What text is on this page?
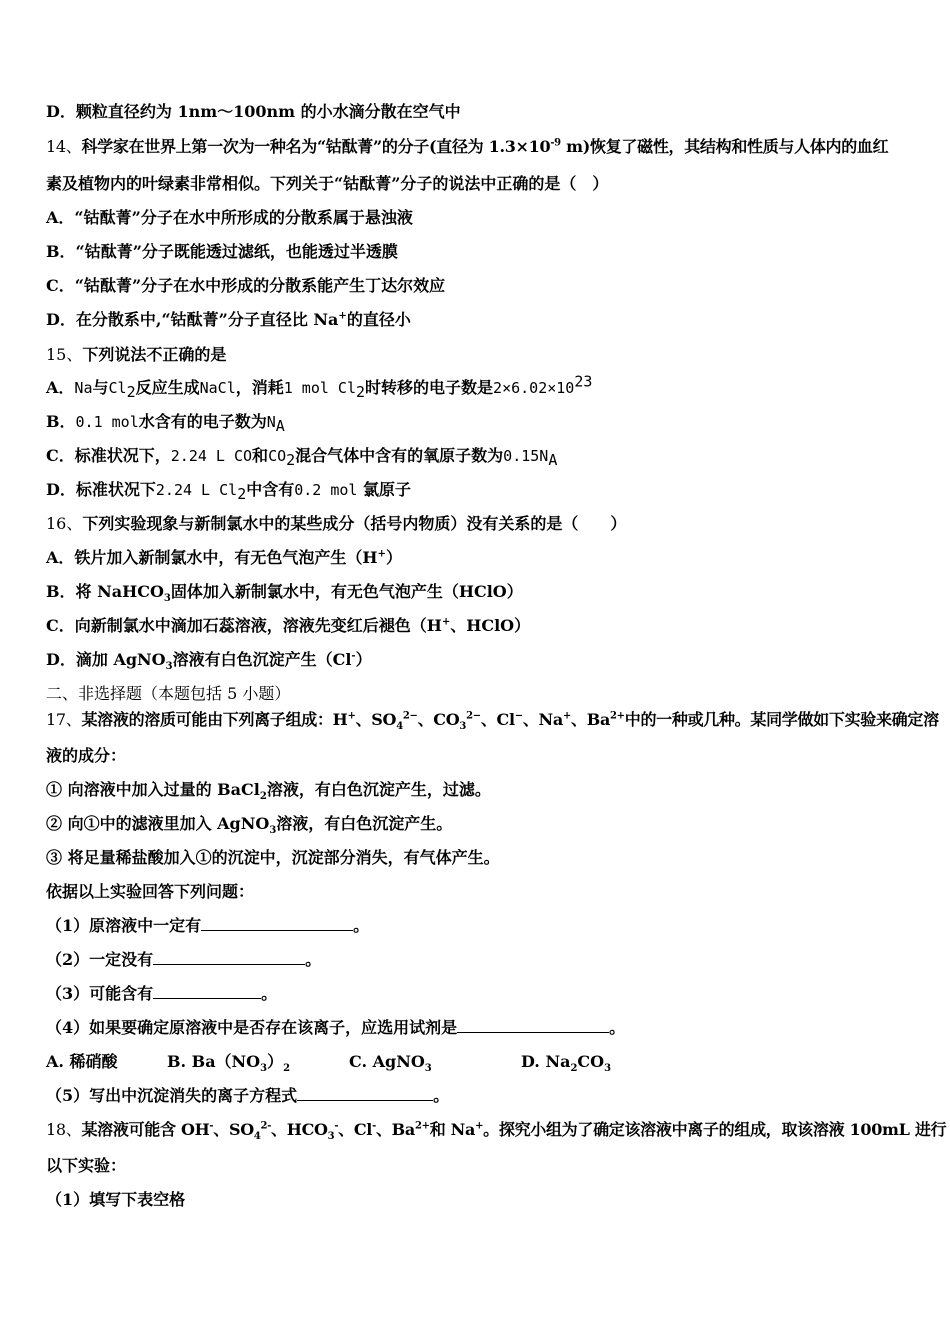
D．颗粒直径约为 1nm～100nm 的小水滴分散在空气中
14、科学家在世界上第一次为一种名为“钴酞菁”的分子(直径为 $1.3\times 10^{-9}$ m)恢复了磁性，其结构和性质与人体内的血红
素及植物内的叶绿素非常相似。下列关于“钴酞菁”分子的说法中正确的是（　）
A．“钴酞菁”分子在水中所形成的分散系属于悬浊液
B．“钴酞菁”分子既能透过滤纸，也能透过半透膜
C．“钴酞菁”分子在水中形成的分散系能产生丁达尔效应
D．在分散系中,“钴酞菁”分子直径比 Na+的直径小
15、下列说法不正确的是
A．Na与$Cl_2$反应生成NaCl，消耗1 mol $Cl_2$时转移的电子数是$2\times 6.02\times 10^{23}$
B．0.1 mol水含有的电子数为$N_A$
C．标准状况下，2.24 L CO和$CO_2$混合气体中含有的氧原子数为$0.15N_A$
D．标准状况下2.24 L $Cl_2$中含有0.2 mol 氯原子
16、下列实验现象与新制氯水中的某些成分（括号内物质）没有关系的是（　　）
A．铁片加入新制氯水中，有无色气泡产生（H+）
B．将 NaHCO$_3$固体加入新制氯水中，有无色气泡产生（HClO）
C．向新制氯水中滴加石蕊溶液，溶液先变红后褪色（H+、HClO）
D．滴加 AgNO$_3$溶液有白色沉淀产生（Cl-）
二、非选择题（本题包括 5 小题）
17、某溶液的溶质可能由下列离子组成：H+、$SO_4^{2-}$、$CO_3^{2-}$、Cl−、Na+、$Ba^{2+}$中的一种或几种。某同学做如下实验来确定溶
液的成分：
① 向溶液中加入过量的 BaCl$_2$溶液，有白色沉淀产生，过滤。
② 向①中的滤液里加入 AgNO$_3$溶液，有白色沉淀产生。
③ 将足量稀盐酸加入①的沉淀中，沉淀部分消失，有气体产生。
依据以上实验回答下列问题：
（1）原溶液中一定有	。
（2）一定没有	。
（3）可能含有	。
（4）如果要确定原溶液中是否存在该离子，应选用试剂是	。
A. 稀硝酸	B. $Ba(NO_3)_2$	C. AgNO$_3$	D. $Na_2CO_3$
（5）写出中沉淀消失的离子方程式	。
18、某溶液可能含 OH-、$SO_4^{2-}$、$HCO_3^-$、Cl-、$Ba^{2+}$和 Na+。探究小组为了确定该溶液中离子的组成，取该溶液 100mL 进行
以下实验：
（1）填写下表空格
